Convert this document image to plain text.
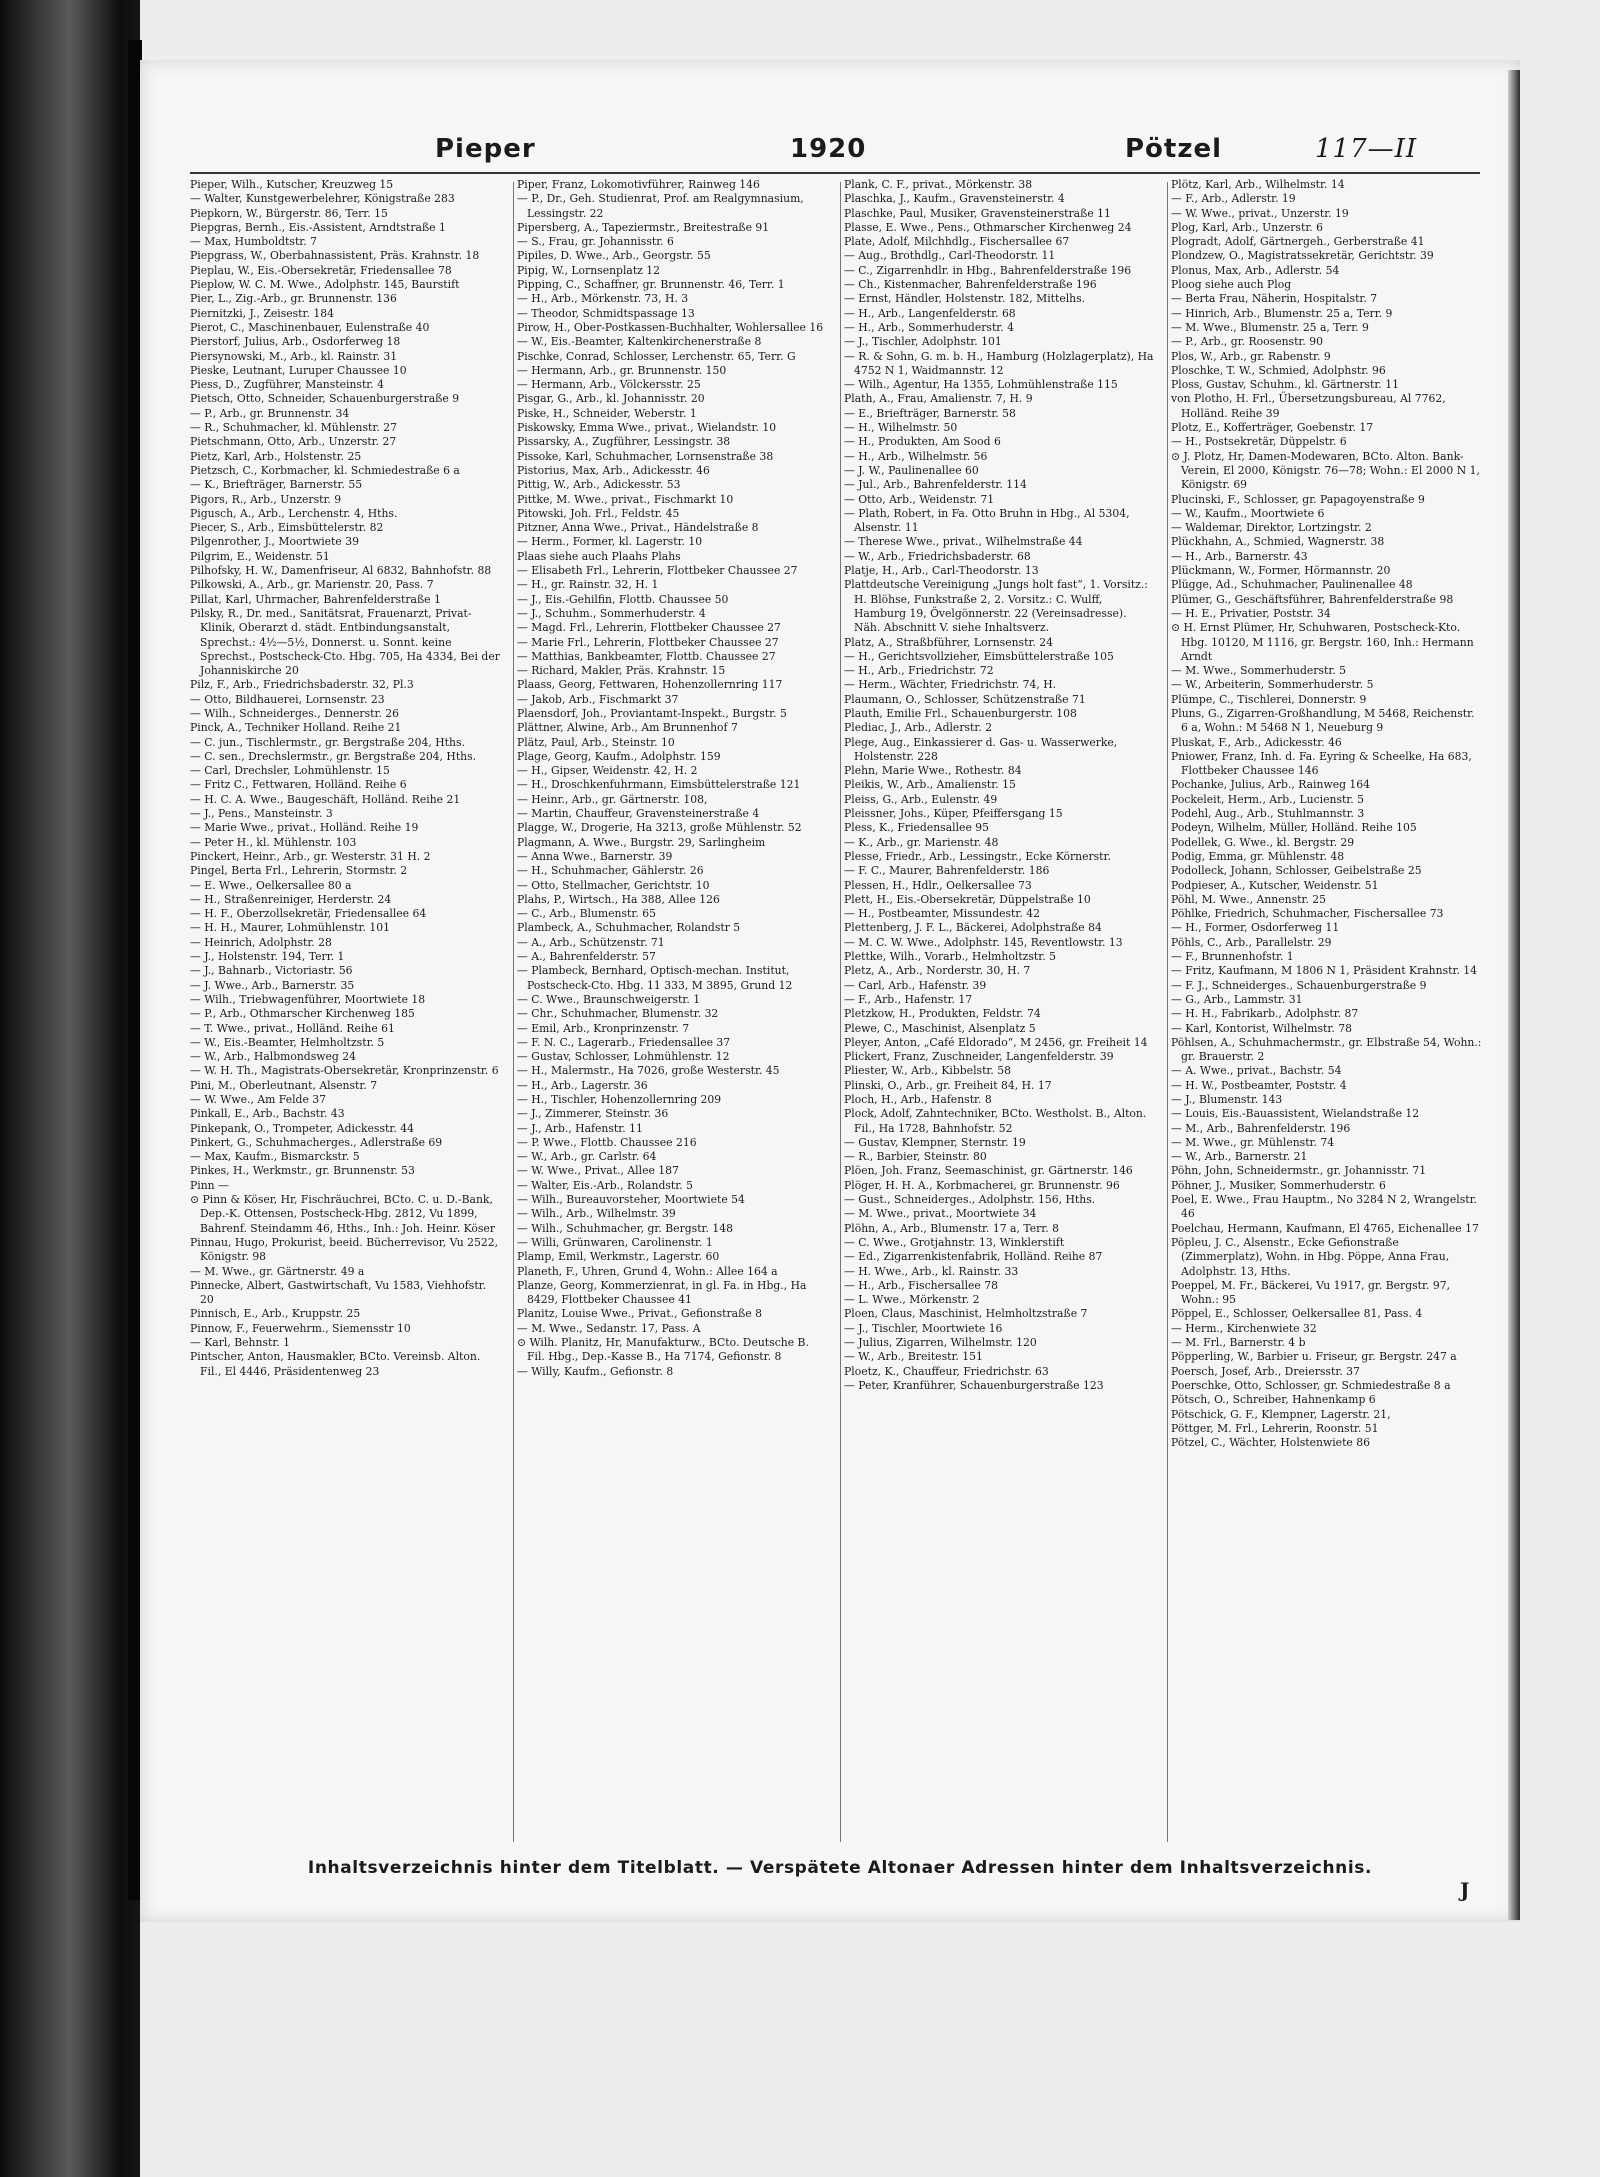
Pieper	1920	Pötzel	117—II

Pieper, Wilh., Kutscher, Kreuzweg 15

— Walter, Kunstgewerbelehrer, Königstraße 283

Piepkorn, W., Bürgerstr. 86, Terr. 15

Piepgras, Bernh., Eis.-Assistent, Arndtstraße 1

— Max, Humboldtstr. 7

Piepgrass, W., Oberbahnassistent, Präs. Krahnstr. 18

Pieplau, W., Eis.-Obersekretär, Friedensallee 78

Pieplow, W. C. M. Wwe., Adolphstr. 145, Baurstift

Pier, L., Zig.-Arb., gr. Brunnenstr. 136

Piernitzki, J., Zeisestr. 184

Pierot, C., Maschinenbauer, Eulenstraße 40

Pierstorf, Julius, Arb., Osdorferweg 18

Piersynowski, M., Arb., kl. Rainstr. 31

Pieske, Leutnant, Luruper Chaussee 10

Piess, D., Zugführer, Mansteinstr. 4

Pietsch, Otto, Schneider, Schauenburgerstraße 9

— P., Arb., gr. Brunnenstr. 34

— R., Schuhmacher, kl. Mühlenstr. 27

Pietschmann, Otto, Arb., Unzerstr. 27

Pietz, Karl, Arb., Holstenstr. 25

Pietzsch, C., Korbmacher, kl. Schmiedestraße 6 a

— K., Briefträger, Barnerstr. 55

Pigors, R., Arb., Unzerstr. 9

Pigusch, A., Arb., Lerchenstr. 4, Hths.

Piecer, S., Arb., Eimsbüttelerstr. 82

Pilgenrother, J., Moortwiete 39

Pilgrim, E., Weidenstr. 51

Pilhofsky, H. W., Damenfriseur, Al 6832, Bahnhofstr. 88

Pilkowski, A., Arb., gr. Marienstr. 20, Pass. 7

Pillat, Karl, Uhrmacher, Bahrenfelderstraße 1

Pilsky, R., Dr. med., Sanitätsrat, Frauenarzt, Privat-Klinik, Oberarzt d. städt. Entbindungsanstalt, Sprechst.: 4½—5½, Donnerst. u. Sonnt. keine Sprechst., Postscheck-Cto. Hbg. 705, Ha 4334, Bei der Johanniskirche 20

Pilz, F., Arb., Friedrichsbaderstr. 32, Pl.3

— Otto, Bildhauerei, Lornsenstr. 23

— Wilh., Schneiderges., Dennerstr. 26

Pinck, A., Techniker Holland. Reihe 21

— C. jun., Tischlermstr., gr. Bergstraße 204, Hths.

— C. sen., Drechslermstr., gr. Bergstraße 204, Hths.

— Carl, Drechsler, Lohmühlenstr. 15

— Fritz C., Fettwaren, Holländ. Reihe 6

— H. C. A. Wwe., Baugeschäft, Holländ. Reihe 21

— J., Pens., Mansteinstr. 3

— Marie Wwe., privat., Holländ. Reihe 19

— Peter H., kl. Mühlenstr. 103

Pinckert, Heinr., Arb., gr. Westerstr. 31 H. 2

Pingel, Berta Frl., Lehrerin, Stormstr. 2

— E. Wwe., Oelkersallee 80 a

— H., Straßenreiniger, Herderstr. 24

— H. F., Oberzollsekretär, Friedensallee 64

— H. H., Maurer, Lohmühlenstr. 101

— Heinrich, Adolphstr. 28

— J., Holstenstr. 194, Terr. 1

— J., Bahnarb., Victoriastr. 56

— J. Wwe., Arb., Barnerstr. 35

— Wilh., Triebwagenführer, Moortwiete 18

— P., Arb., Othmarscher Kirchenweg 185

— T. Wwe., privat., Holländ. Reihe 61

— W., Eis.-Beamter, Helmholtzstr. 5

— W., Arb., Halbmondsweg 24

— W. H. Th., Magistrats-Obersekretär, Kronprinzenstr. 6

Pini, M., Oberleutnant, Alsenstr. 7

— W. Wwe., Am Felde 37

Pinkall, E., Arb., Bachstr. 43

Pinkepank, O., Trompeter, Adickesstr. 44

Pinkert, G., Schuhmacherges., Adlerstraße 69

— Max, Kaufm., Bismarckstr. 5

Pinkes, H., Werkmstr., gr. Brunnenstr. 53

Pinn —

⊙ Pinn & Köser, Hr, Fischräuchrei, BCto. C. u. D.-Bank, Dep.-K. Ottensen, Postscheck-Hbg. 2812, Vu 1899, Bahrenf. Steindamm 46, Hths., Inh.: Joh. Heinr. Köser

Pinnau, Hugo, Prokurist, beeid. Bücherrevisor, Vu 2522, Königstr. 98

— M. Wwe., gr. Gärtnerstr. 49 a

Pinnecke, Albert, Gastwirtschaft, Vu 1583, Viehhofstr. 20

Pinnisch, E., Arb., Kruppstr. 25

Pinnow, F., Feuerwehrm., Siemensstr 10

— Karl, Behnstr. 1

Pintscher, Anton, Hausmakler, BCto. Vereinsb. Alton. Fil., El 4446, Präsidentenweg 23

Piper, Franz, Lokomotivführer, Rainweg 146

— P., Dr., Geh. Studienrat, Prof. am Realgymnasium, Lessingstr. 22

Pipersberg, A., Tapeziermstr., Breitestraße 91

— S., Frau, gr. Johannisstr. 6

Pipiles, D. Wwe., Arb., Georgstr. 55

Pipig, W., Lornsenplatz 12

Pipping, C., Schaffner, gr. Brunnenstr. 46, Terr. 1

— H., Arb., Mörkenstr. 73, H. 3

— Theodor, Schmidtspassage 13

Pirow, H., Ober-Postkassen-Buchhalter, Wohlersallee 16

— W., Eis.-Beamter, Kaltenkirchenerstraße 8

Pischke, Conrad, Schlosser, Lerchenstr. 65, Terr. G

— Hermann, Arb., gr. Brunnenstr. 150

— Hermann, Arb., Völckersstr. 25

Pisgar, G., Arb., kl. Johannisstr. 20

Piske, H., Schneider, Weberstr. 1

Piskowsky, Emma Wwe., privat., Wielandstr. 10

Pissarsky, A., Zugführer, Lessingstr. 38

Pissoke, Karl, Schuhmacher, Lornsenstraße 38

Pistorius, Max, Arb., Adickesstr. 46

Pittig, W., Arb., Adickesstr. 53

Pittke, M. Wwe., privat., Fischmarkt 10

Pitowski, Joh. Frl., Feldstr. 45

Pitzner, Anna Wwe., Privat., Händelstraße 8

— Herm., Former, kl. Lagerstr. 10

Plaas siehe auch Plaahs Plahs

— Elisabeth Frl., Lehrerin, Flottbeker Chaussee 27

— H., gr. Rainstr. 32, H. 1

— J., Eis.-Gehilfin, Flottb. Chaussee 50

— J., Schuhm., Sommerhuderstr. 4

— Magd. Frl., Lehrerin, Flottbeker Chaussee 27

— Marie Frl., Lehrerin, Flottbeker Chaussee 27

— Matthias, Bankbeamter, Flottb. Chaussee 27

— Richard, Makler, Präs. Krahnstr. 15

Plaass, Georg, Fettwaren, Hohenzollernring 117

— Jakob, Arb., Fischmarkt 37

Plaensdorf, Joh., Proviantamt-Inspekt., Burgstr. 5

Plättner, Alwine, Arb., Am Brunnenhof 7

Plätz, Paul, Arb., Steinstr. 10

Plage, Georg, Kaufm., Adolphstr. 159

— H., Gipser, Weidenstr. 42, H. 2

— H., Droschkenfuhrmann, Eimsbüttelerstraße 121

— Heinr., Arb., gr. Gärtnerstr. 108,

— Martin, Chauffeur, Gravensteinerstraße 4

Plagge, W., Drogerie, Ha 3213, große Mühlenstr. 52

Plagmann, A. Wwe., Burgstr. 29, Sarlingheim

— Anna Wwe., Barnerstr. 39

— H., Schuhmacher, Gählerstr. 26

— Otto, Stellmacher, Gerichtstr. 10

Plahs, P., Wirtsch., Ha 388, Allee 126

— C., Arb., Blumenstr. 65

Plambeck, A., Schuhmacher, Rolandstr 5

— A., Arb., Schützenstr. 71

— A., Bahrenfelderstr. 57

— Plambeck, Bernhard, Optisch-mechan. Institut, Postscheck-Cto. Hbg. 11 333, M 3895, Grund 12

— C. Wwe., Braunschweigerstr. 1

— Chr., Schuhmacher, Blumenstr. 32

— Emil, Arb., Kronprinzenstr. 7

— F. N. C., Lagerarb., Friedensallee 37

— Gustav, Schlosser, Lohmühlenstr. 12

— H., Malermstr., Ha 7026, große Westerstr. 45

— H., Arb., Lagerstr. 36

— H., Tischler, Hohenzollernring 209

— J., Zimmerer, Steinstr. 36

— J., Arb., Hafenstr. 11

— P. Wwe., Flottb. Chaussee 216

— W., Arb., gr. Carlstr. 64

— W. Wwe., Privat., Allee 187

— Walter, Eis.-Arb., Rolandstr. 5

— Wilh., Bureauvorsteher, Moortwiete 54

— Wilh., Arb., Wilhelmstr. 39

— Wilh., Schuhmacher, gr. Bergstr. 148

— Willi, Grünwaren, Carolinenstr. 1

Plamp, Emil, Werkmstr., Lagerstr. 60

Planeth, F., Uhren, Grund 4, Wohn.: Allee 164 a

Planze, Georg, Kommerzienrat, in gl. Fa. in Hbg., Ha 8429, Flottbeker Chaussee 41

Planitz, Louise Wwe., Privat., Gefionstraße 8

— M. Wwe., Sedanstr. 17, Pass. A

⊙ Wilh. Planitz, Hr, Manufakturw., BCto. Deutsche B. Fil. Hbg., Dep.-Kasse B., Ha 7174, Gefionstr. 8

— Willy, Kaufm., Gefionstr. 8

Plank, C. F., privat., Mörkenstr. 38

Plaschka, J., Kaufm., Gravensteinerstr. 4

Plaschke, Paul, Musiker, Gravensteinerstraße 11

Plasse, E. Wwe., Pens., Othmarscher Kirchenweg 24

Plate, Adolf, Milchhdlg., Fischersallee 67

— Aug., Brothdlg., Carl-Theodorstr. 11

— C., Zigarrenhdlr. in Hbg., Bahrenfelderstraße 196

— Ch., Kistenmacher, Bahrenfelderstraße 196

— Ernst, Händler, Holstenstr. 182, Mittelhs.

— H., Arb., Langenfelderstr. 68

— H., Arb., Sommerhuderstr. 4

— J., Tischler, Adolphstr. 101

— R. & Sohn, G. m. b. H., Hamburg (Holzlagerplatz), Ha 4752 N 1, Waidmannstr. 12

— Wilh., Agentur, Ha 1355, Lohmühlenstraße 115

Plath, A., Frau, Amalienstr. 7, H. 9

— E., Briefträger, Barnerstr. 58

— H., Wilhelmstr. 50

— H., Produkten, Am Sood 6

— H., Arb., Wilhelmstr. 56

— J. W., Paulinenallee 60

— Jul., Arb., Bahrenfelderstr. 114

— Otto, Arb., Weidenstr. 71

— Plath, Robert, in Fa. Otto Bruhn in Hbg., Al 5304, Alsenstr. 11

— Therese Wwe., privat., Wilhelmstraße 44

— W., Arb., Friedrichsbaderstr. 68

Platje, H., Arb., Carl-Theodorstr. 13

Plattdeutsche Vereinigung „Jungs holt fast“, 1. Vorsitz.: H. Blöhse, Funkstraße 2, 2. Vorsitz.: C. Wulff, Hamburg 19, Övelgönnerstr. 22 (Vereinsadresse). Näh. Abschnitt V. siehe Inhaltsverz.

Platz, A., Straßbführer, Lornsenstr. 24

— H., Gerichtsvollzieher, Eimsbüttelerstraße 105

— H., Arb., Friedrichstr. 72

— Herm., Wächter, Friedrichstr. 74, H.

Plaumann, O., Schlosser, Schützenstraße 71

Plauth, Emilie Frl., Schauenburgerstr. 108

Plediac, J., Arb., Adlerstr. 2

Plege, Aug., Einkassierer d. Gas- u. Wasserwerke, Holstenstr. 228

Plehn, Marie Wwe., Rothestr. 84

Pleikis, W., Arb., Amalienstr. 15

Pleiss, G., Arb., Eulenstr. 49

Pleissner, Johs., Küper, Pfeiffersgang 15

Pless, K., Friedensallee 95

— K., Arb., gr. Marienstr. 48

Plesse, Friedr., Arb., Lessingstr., Ecke Körnerstr.

— F. C., Maurer, Bahrenfelderstr. 186

Plessen, H., Hdlr., Oelkersallee 73

Plett, H., Eis.-Obersekretär, Düppelstraße 10

— H., Postbeamter, Missundestr. 42

Plettenberg, J. F. L., Bäckerei, Adolphstraße 84

— M. C. W. Wwe., Adolphstr. 145, Reventlowstr. 13

Plettke, Wilh., Vorarb., Helmholtzstr. 5

Pletz, A., Arb., Norderstr. 30, H. 7

— Carl, Arb., Hafenstr. 39

— F., Arb., Hafenstr. 17

Pletzkow, H., Produkten, Feldstr. 74

Plewe, C., Maschinist, Alsenplatz 5

Pleyer, Anton, „Café Eldorado“, M 2456, gr. Freiheit 14

Plickert, Franz, Zuschneider, Langenfelderstr. 39

Pliester, W., Arb., Kibbelstr. 58

Plinski, O., Arb., gr. Freiheit 84, H. 17

Ploch, H., Arb., Hafenstr. 8

Plock, Adolf, Zahntechniker, BCto. Westholst. B., Alton. Fil., Ha 1728, Bahnhofstr. 52

— Gustav, Klempner, Sternstr. 19

— R., Barbier, Steinstr. 80

Plöen, Joh. Franz, Seemaschinist, gr. Gärtnerstr. 146

Plöger, H. H. A., Korbmacherei, gr. Brunnenstr. 96

— Gust., Schneiderges., Adolphstr. 156, Hths.

— M. Wwe., privat., Moortwiete 34

Plöhn, A., Arb., Blumenstr. 17 a, Terr. 8

— C. Wwe., Grotjahnstr. 13, Winklerstift

— Ed., Zigarrenkistenfabrik, Holländ. Reihe 87

— H. Wwe., Arb., kl. Rainstr. 33

— H., Arb., Fischersallee 78

— L. Wwe., Mörkenstr. 2

Ploen, Claus, Maschinist, Helmholtzstraße 7

— J., Tischler, Moortwiete 16

— Julius, Zigarren, Wilhelmstr. 120

— W., Arb., Breitestr. 151

Ploetz, K., Chauffeur, Friedrichstr. 63

— Peter, Kranführer, Schauenburgerstraße 123

Plötz, Karl, Arb., Wilhelmstr. 14

— F., Arb., Adlerstr. 19

— W. Wwe., privat., Unzerstr. 19

Plog, Karl, Arb., Unzerstr. 6

Plogradt, Adolf, Gärtnergeh., Gerberstraße 41

Plondzew, O., Magistratssekretär, Gerichtstr. 39

Plonus, Max, Arb., Adlerstr. 54

Ploog siehe auch Plog

— Berta Frau, Näherin, Hospitalstr. 7

— Hinrich, Arb., Blumenstr. 25 a, Terr. 9

— M. Wwe., Blumenstr. 25 a, Terr. 9

— P., Arb., gr. Roosenstr. 90

Plos, W., Arb., gr. Rabenstr. 9

Ploschke, T. W., Schmied, Adolphstr. 96

Ploss, Gustav, Schuhm., kl. Gärtnerstr. 11

von Plotho, H. Frl., Übersetzungsbureau, Al 7762, Holländ. Reihe 39

Plotz, E., Kofferträger, Goebenstr. 17

— H., Postsekretär, Düppelstr. 6

⊙ J. Plotz, Hr, Damen-Modewaren, BCto. Alton. Bank-Verein, El 2000, Königstr. 76—78; Wohn.: El 2000 N 1, Königstr. 69

Plucinski, F., Schlosser, gr. Papagoyenstraße 9

— W., Kaufm., Moortwiete 6

— Waldemar, Direktor, Lortzingstr. 2

Plückhahn, A., Schmied, Wagnerstr. 38

— H., Arb., Barnerstr. 43

Plückmann, W., Former, Hörmannstr. 20

Plügge, Ad., Schuhmacher, Paulinenallee 48

Plümer, G., Geschäftsführer, Bahrenfelderstraße 98

— H. E., Privatier, Poststr. 34

⊙ H. Ernst Plümer, Hr, Schuhwaren, Postscheck-Kto. Hbg. 10120, M 1116, gr. Bergstr. 160, Inh.: Hermann Arndt

— M. Wwe., Sommerhuderstr. 5

— W., Arbeiterin, Sommerhuderstr. 5

Plümpe, C., Tischlerei, Donnerstr. 9

Pluns, G., Zigarren-Großhandlung, M 5468, Reichenstr. 6 a, Wohn.: M 5468 N 1, Neueburg 9

Pluskat, F., Arb., Adickesstr. 46

Pniower, Franz, Inh. d. Fa. Eyring & Scheelke, Ha 683, Flottbeker Chaussee 146

Pochanke, Julius, Arb., Rainweg 164

Pockeleit, Herm., Arb., Lucienstr. 5

Podehl, Aug., Arb., Stuhlmannstr. 3

Podeyn, Wilhelm, Müller, Holländ. Reihe 105

Podellek, G. Wwe., kl. Bergstr. 29

Podig, Emma, gr. Mühlenstr. 48

Podolleck, Johann, Schlosser, Geibelstraße 25

Podpieser, A., Kutscher, Weidenstr. 51

Pöhl, M. Wwe., Annenstr. 25

Pöhlke, Friedrich, Schuhmacher, Fischersallee 73

— H., Former, Osdorferweg 11

Pöhls, C., Arb., Parallelstr. 29

— F., Brunnenhofstr. 1

— Fritz, Kaufmann, M 1806 N 1, Präsident Krahnstr. 14

— F. J., Schneiderges., Schauenburgerstraße 9

— G., Arb., Lammstr. 31

— H. H., Fabrikarb., Adolphstr. 87

— Karl, Kontorist, Wilhelmstr. 78

Pöhlsen, A., Schuhmachermstr., gr. Elbstraße 54, Wohn.: gr. Brauerstr. 2

— A. Wwe., privat., Bachstr. 54

— H. W., Postbeamter, Poststr. 4

— J., Blumenstr. 143

— Louis, Eis.-Bauassistent, Wielandstraße 12

— M., Arb., Bahrenfelderstr. 196

— M. Wwe., gr. Mühlenstr. 74

— W., Arb., Barnerstr. 21

Pöhn, John, Schneidermstr., gr. Johannisstr. 71

Pöhner, J., Musiker, Sommerhuderstr. 6

Poel, E. Wwe., Frau Hauptm., No 3284 N 2, Wrangelstr. 46

Poelchau, Hermann, Kaufmann, El 4765, Eichenallee 17

Pöpleu, J. C., Alsenstr., Ecke Gefionstraße (Zimmerplatz), Wohn. in Hbg. Pöppe, Anna Frau, Adolphstr. 13, Hths.

Poeppel, M. Fr., Bäckerei, Vu 1917, gr. Bergstr. 97, Wohn.: 95

Pöppel, E., Schlosser, Oelkersallee 81, Pass. 4

— Herm., Kirchenwiete 32

— M. Frl., Barnerstr. 4 b

Pöpperling, W., Barbier u. Friseur, gr. Bergstr. 247 a

Poersch, Josef, Arb., Dreiersstr. 37

Poerschke, Otto, Schlosser, gr. Schmiedestraße 8 a

Pötsch, O., Schreiber, Hahnenkamp 6

Pötschick, G. F., Klempner, Lagerstr. 21,

Pöttger, M. Frl., Lehrerin, Roonstr. 51

Pötzel, C., Wächter, Holstenwiete 86

Inhaltsverzeichnis hinter dem Titelblatt. — Verspätete Altonaer Adressen hinter dem Inhaltsverzeichnis.
J
